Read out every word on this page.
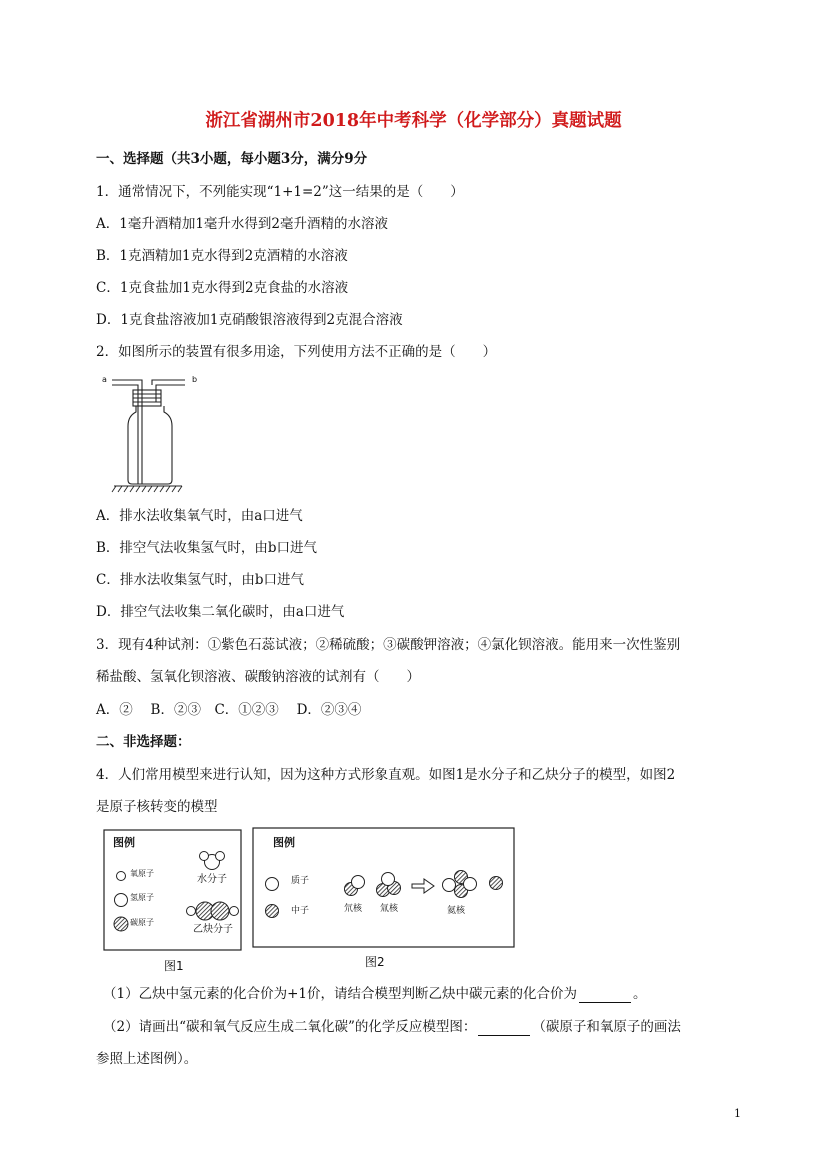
浙江省湖州市2018年中考科学（化学部分）真题试题
一、选择题（共3小题，每小题3分，满分9分
1．通常情况下，不列能实现“1+1=2”这一结果的是（　　）
A．1毫升酒精加1毫升水得到2毫升酒精的水溶液
B．1克酒精加1克水得到2克酒精的水溶液
C．1克食盐加1克水得到2克食盐的水溶液
D．1克食盐溶液加1克硝酸银溶液得到2克混合溶液
2．如图所示的装置有很多用途，下列使用方法不正确的是（　　）
a	b
A．排水法收集氧气时，由a口进气
B．排空气法收集氢气时，由b口进气
C．排水法收集氢气时，由b口进气
D．排空气法收集二氧化碳时，由a口进气
3．现有4种试剂：①紫色石蕊试液；②稀硫酸；③碳酸钾溶液；④氯化钡溶液。能用来一次性鉴别
稀盐酸、氢氧化钡溶液、碳酸钠溶液的试剂有（　　）
A．②　 B．②③　C．①②③　 D．②③④
二、非选择题：
4．人们常用模型来进行认知，因为这种方式形象直观。如图1是水分子和乙炔分子的模型，如图2
是原子核转变的模型
图例
氧原子
氢原子
碳原子
水分子
乙炔分子
图1
图例
质子
中子	氘核 氚核	氦核
图2
（1）乙炔中氢元素的化合价为+1价，请结合模型判断乙炔中碳元素的化合价为	。
（2）请画出“碳和氧气反应生成二氧化碳”的化学反应模型图：	（碳原子和氧原子的画法
参照上述图例）。
1
